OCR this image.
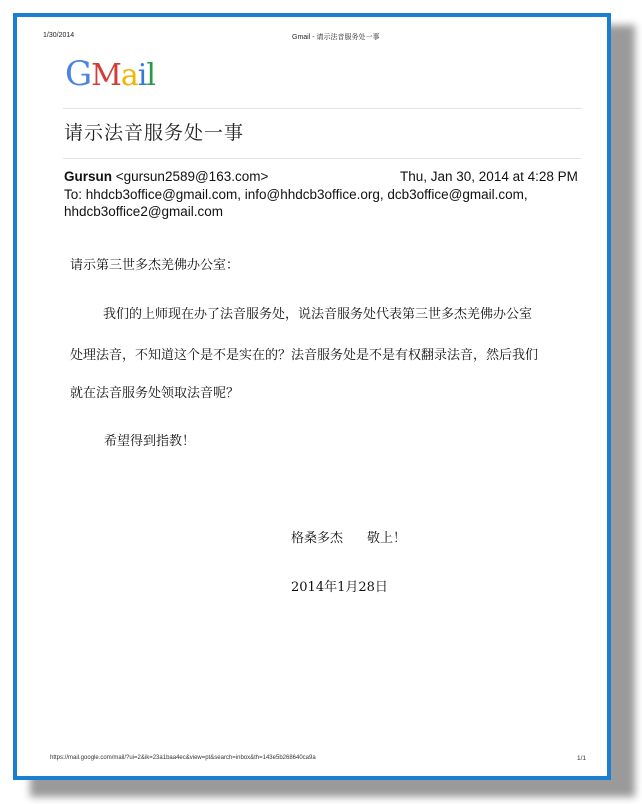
1/30/2014	Gmail - 请示法音服务处一事
GMail
请示法音服务处一事
Gursun <gursun2589@163.com>	Thu, Jan 30, 2014 at 4:28 PM
To: hhdcb3office@gmail.com, info@hhdcb3office.org, dcb3office@gmail.com, hhdcb3office2@gmail.com
请示第三世多杰羌佛办公室：
我们的上师现在办了法音服务处，说法音服务处代表第三世多杰羌佛办公室
处理法音，不知道这个是不是实在的？法音服务处是不是有权翻录法音，然后我们
就在法音服务处领取法音呢？
希望得到指教！
格桑多杰 敬上！
2014年1月28日
https://mail.google.com/mail/?ui=2&ik=23a1baa4ec&view=pt&search=inbox&th=143e5b268640ca9a	1/1
